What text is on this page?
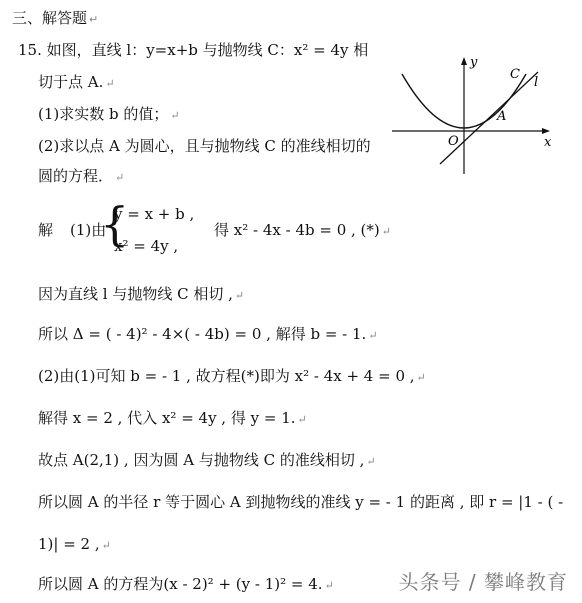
三、解答题 ↵
15. 如图，直线 l：y=x+b 与抛物线 C：x² = 4y 相
切于点 A. ↵
(1)求实数 b 的值； ↵
(2)求以点 A 为圆心，且与抛物线 C 的准线相切的
圆的方程． ↵
y
x
O
A
C
l
解 (1)由
{
y = x + b ,
x² = 4y ,
得 x² - 4x - 4b = 0 , (*) ↵
因为直线 l 与抛物线 C 相切 , ↵
所以 Δ = ( - 4)² - 4×( - 4b) = 0 , 解得 b = - 1. ↵
(2)由(1)可知 b = - 1 , 故方程(*)即为 x² - 4x + 4 = 0 , ↵
解得 x = 2 , 代入 x² = 4y , 得 y = 1. ↵
故点 A(2,1) , 因为圆 A 与抛物线 C 的准线相切 , ↵
所以圆 A 的半径 r 等于圆心 A 到抛物线的准线 y = - 1 的距离 , 即 r = |1 - ( -
1)| = 2 , ↵
所以圆 A 的方程为(x - 2)² + (y - 1)² = 4. ↵	头条号 / 攀峰教育
